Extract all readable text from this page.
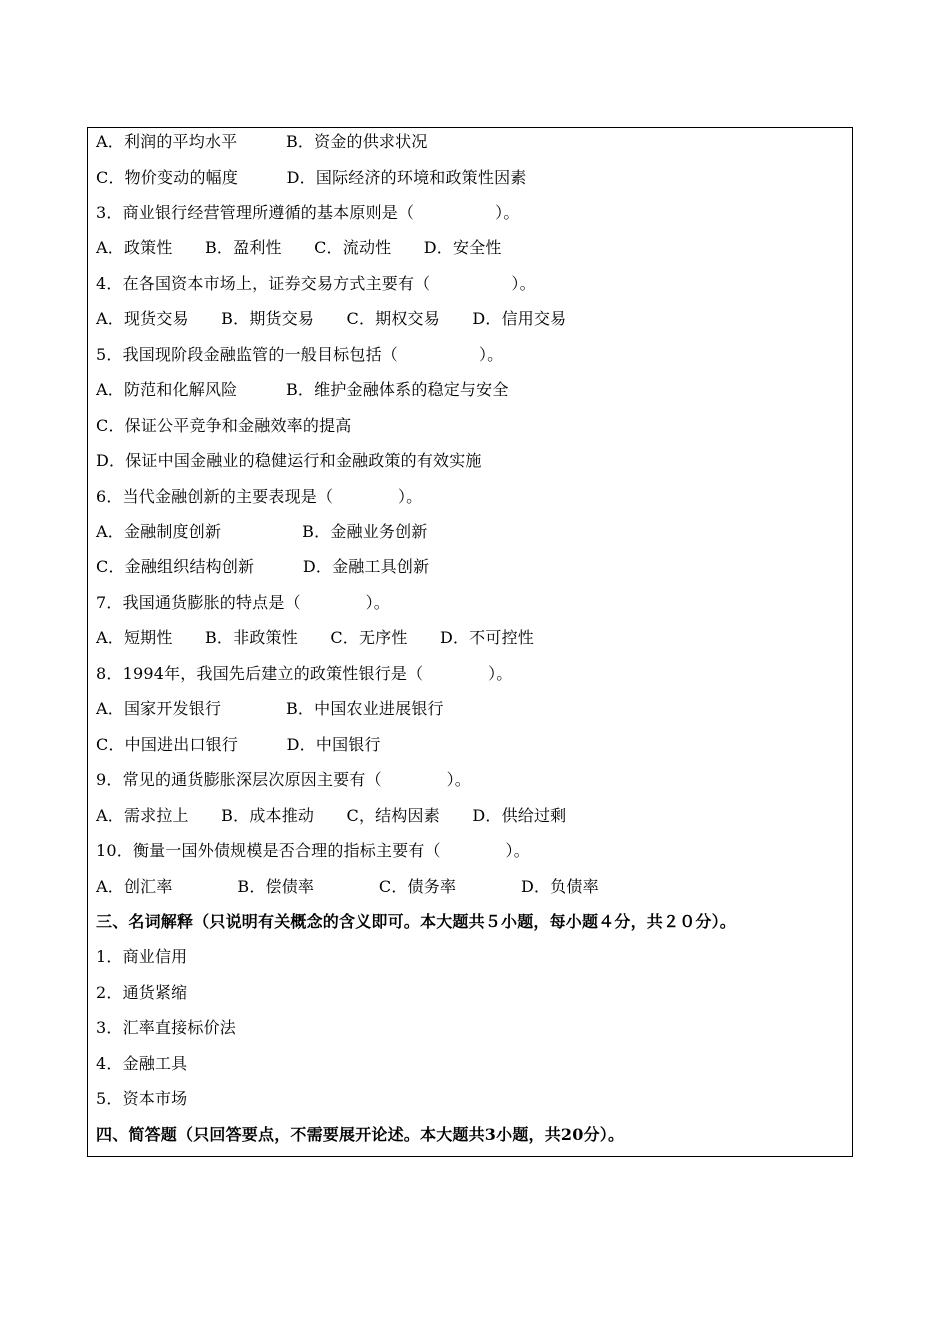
A．利润的平均水平　　　B．资金的供求状况
C．物价变动的幅度　　　D．国际经济的环境和政策性因素
3．商业银行经营管理所遵循的基本原则是（　　　　　）。
A．政策性　　B．盈利性　　C．流动性　　D．安全性
4．在各国资本市场上，证券交易方式主要有（　　　　　）。
A．现货交易　　B．期货交易　　C．期权交易　　D．信用交易
5．我国现阶段金融监管的一般目标包括（　　　　　）。
A．防范和化解风险　　　B．维护金融体系的稳定与安全
C．保证公平竞争和金融效率的提高
D．保证中国金融业的稳健运行和金融政策的有效实施
6．当代金融创新的主要表现是（　　　　）。
A．金融制度创新　　　　　B．金融业务创新
C．金融组织结构创新　　　D．金融工具创新
7．我国通货膨胀的特点是（　　　　）。
A．短期性　　B．非政策性　　C．无序性　　D．不可控性
8．1994年，我国先后建立的政策性银行是（　　　　）。
A．国家开发银行　　　　B．中国农业进展银行
C．中国进出口银行　　　D．中国银行
9．常见的通货膨胀深层次原因主要有（　　　　）。
A．需求拉上　　B．成本推动　　C，结构因素　　D．供给过剩
10．衡量一国外债规模是否合理的指标主要有（　　　　）。
A．创汇率　　　　B．偿债率　　　　C．债务率　　　　D．负债率
三、名词解释（只说明有关概念的含义即可。本大题共５小题，每小题４分，共２０分）。
1．商业信用
2．通货紧缩
3．汇率直接标价法
4．金融工具
5．资本市场
四、简答题（只回答要点，不需要展开论述。本大题共3小题，共20分）。
